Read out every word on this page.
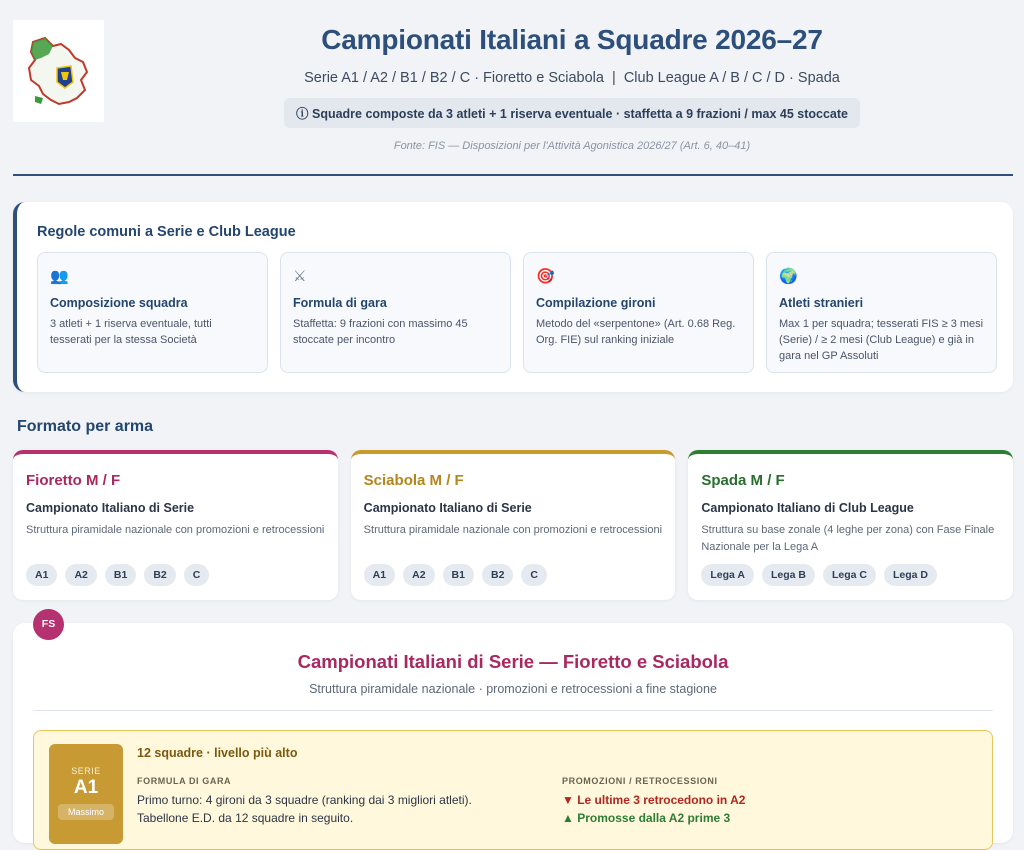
Campionati Italiani a Squadre 2026–27
Serie A1 / A2 / B1 / B2 / C · Fioretto e Sciabola  |  Club League A / B / C / D · Spada
ⓘ Squadre composte da 3 atleti + 1 riserva eventuale · staffetta a 9 frazioni / max 45 stoccate
Fonte: FIS — Disposizioni per l'Attività Agonistica 2026/27 (Art. 6, 40–41)
Regole comuni a Serie e Club League
👥
Composizione squadra
3 atleti + 1 riserva eventuale, tutti tesserati per la stessa Società
⚔
Formula di gara
Staffetta: 9 frazioni con massimo 45 stoccate per incontro
🎯
Compilazione gironi
Metodo del «serpentone» (Art. 0.68 Reg. Org. FIE) sul ranking iniziale
🌍
Atleti stranieri
Max 1 per squadra; tesserati FIS ≥ 3 mesi (Serie) / ≥ 2 mesi (Club League) e già in gara nel GP Assoluti
Formato per arma
Fioretto M / F
Campionato Italiano di Serie
Struttura piramidale nazionale con promozioni e retrocessioni
A1	A2	B1	B2	C
Sciabola M / F
Campionato Italiano di Serie
Struttura piramidale nazionale con promozioni e retrocessioni
A1	A2	B1	B2	C
Spada M / F
Campionato Italiano di Club League
Struttura su base zonale (4 leghe per zona) con Fase Finale Nazionale per la Lega A
Lega A	Lega B	Lega C	Lega D
FS
Campionati Italiani di Serie — Fioretto e Sciabola
Struttura piramidale nazionale · promozioni e retrocessioni a fine stagione
SERIE
A1
Massimo
12 squadre · livello più alto
FORMULA DI GARA	PROMOZIONI / RETROCESSIONI
Primo turno: 4 gironi da 3 squadre (ranking dai 3 migliori atleti).
Tabellone E.D. da 12 squadre in seguito.
▼ Le ultime 3 retrocedono in A2
▲ Promosse dalla A2 prime 3
